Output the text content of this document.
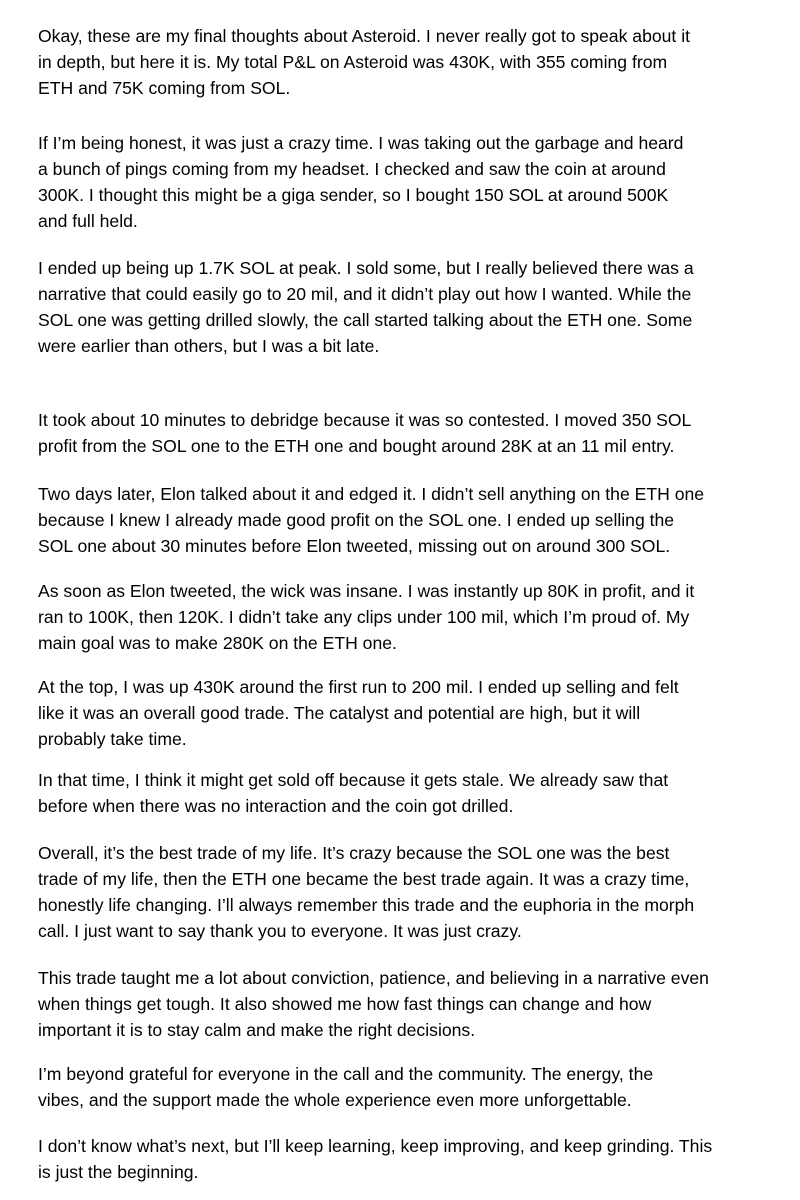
Okay, these are my final thoughts about Asteroid. I never really got to speak about it
in depth, but here it is. My total P&L on Asteroid was 430K, with 355 coming from
ETH and 75K coming from SOL.

If I’m being honest, it was just a crazy time. I was taking out the garbage and heard
a bunch of pings coming from my headset. I checked and saw the coin at around
300K. I thought this might be a giga sender, so I bought 150 SOL at around 500K
and full held.

I ended up being up 1.7K SOL at peak. I sold some, but I really believed there was a
narrative that could easily go to 20 mil, and it didn’t play out how I wanted. While the
SOL one was getting drilled slowly, the call started talking about the ETH one. Some
were earlier than others, but I was a bit late.

It took about 10 minutes to debridge because it was so contested. I moved 350 SOL
profit from the SOL one to the ETH one and bought around 28K at an 11 mil entry.

Two days later, Elon talked about it and edged it. I didn’t sell anything on the ETH one
because I knew I already made good profit on the SOL one. I ended up selling the
SOL one about 30 minutes before Elon tweeted, missing out on around 300 SOL.

As soon as Elon tweeted, the wick was insane. I was instantly up 80K in profit, and it
ran to 100K, then 120K. I didn’t take any clips under 100 mil, which I’m proud of. My
main goal was to make 280K on the ETH one.

At the top, I was up 430K around the first run to 200 mil. I ended up selling and felt
like it was an overall good trade. The catalyst and potential are high, but it will
probably take time.

In that time, I think it might get sold off because it gets stale. We already saw that
before when there was no interaction and the coin got drilled.

Overall, it’s the best trade of my life. It’s crazy because the SOL one was the best
trade of my life, then the ETH one became the best trade again. It was a crazy time,
honestly life changing. I’ll always remember this trade and the euphoria in the morph
call. I just want to say thank you to everyone. It was just crazy.

This trade taught me a lot about conviction, patience, and believing in a narrative even
when things get tough. It also showed me how fast things can change and how
important it is to stay calm and make the right decisions.

I’m beyond grateful for everyone in the call and the community. The energy, the
vibes, and the support made the whole experience even more unforgettable.

I don’t know what’s next, but I’ll keep learning, keep improving, and keep grinding. This
is just the beginning.
